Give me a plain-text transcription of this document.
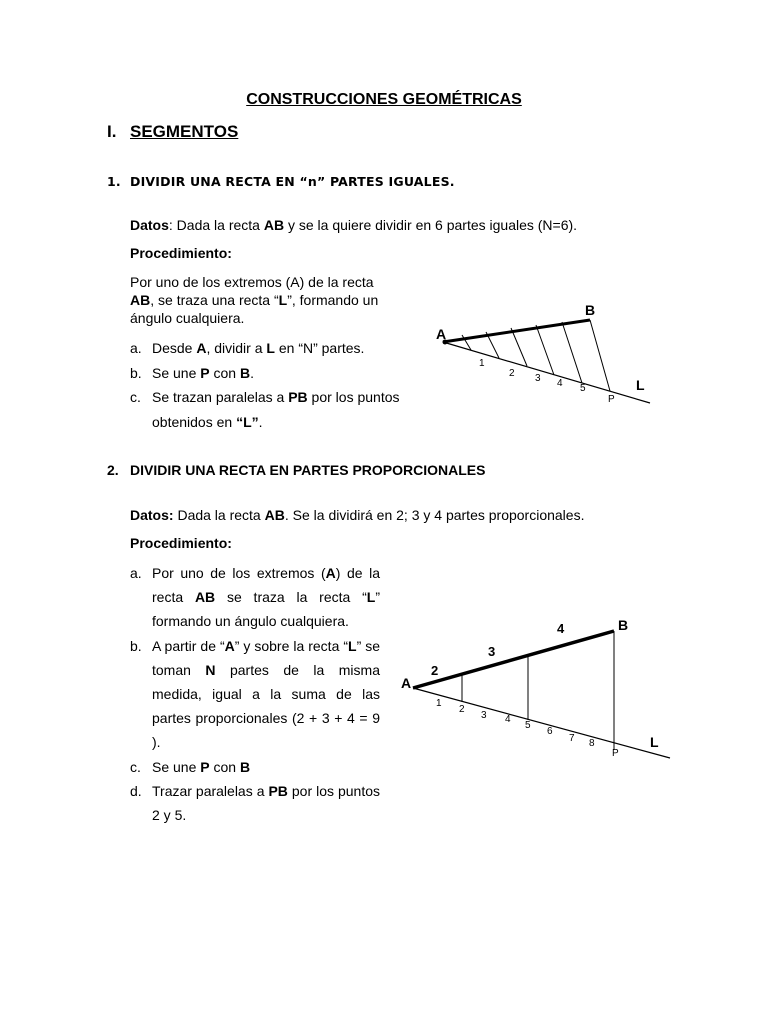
CONSTRUCCIONES GEOMÉTRICAS
I. SEGMENTOS
1. DIVIDIR UNA RECTA EN “n” PARTES IGUALES.

Datos: Dada la recta AB y se la quiere dividir en 6 partes iguales (N=6).

Procedimiento:

Por uno de los extremos (A) de la recta
AB, se traza una recta “L”, formando un
ángulo cualquiera.
a. Desde A, dividir a L en “N” partes.
b. Se une P con B.
c. Se trazan paralelas a PB por los puntos obtenidos en “L”.
A
B
L
P
1
2 3 4 5
2. DIVIDIR UNA RECTA EN PARTES PROPORCIONALES

Datos: Dada la recta AB. Se la dividirá en 2; 3 y 4 partes proporcionales.

Procedimiento:

a. Por uno de los extremos (A) de la recta AB se traza la recta “L” formando un ángulo cualquiera.
b. A partir de “A” y sobre la recta “L” se toman N partes de la misma medida, igual a la suma de las partes proporcionales (2 + 3 + 4 = 9 ).
c. Se une P con B
d. Trazar paralelas a PB por los puntos 2 y 5.
A
B
L
P
2
3
4
1
2
3 4
5
6
7 8
